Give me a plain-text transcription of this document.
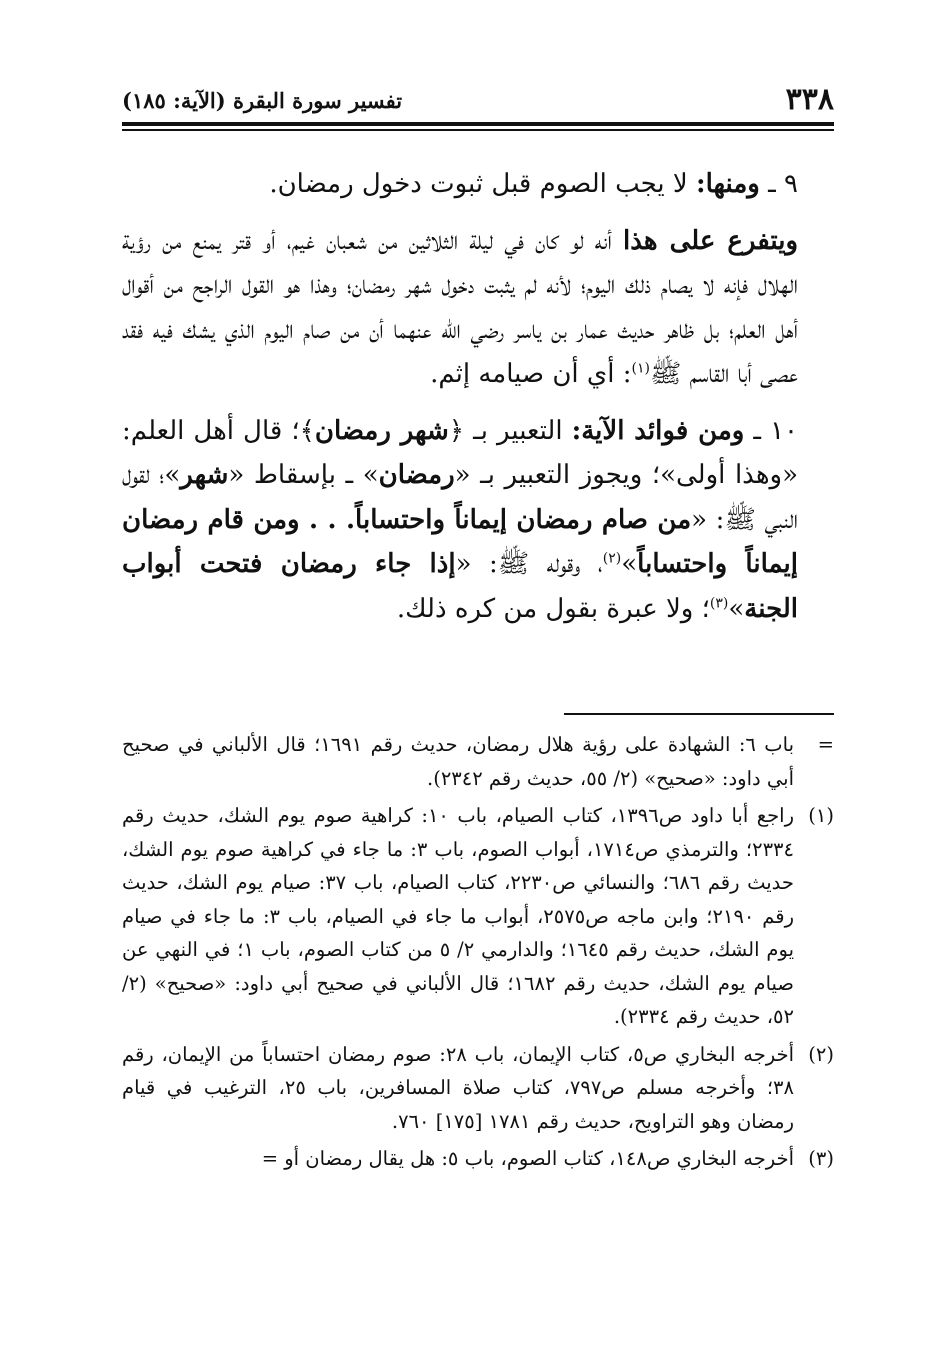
٣٣٨
تفسير سورة البقرة (الآية: ١٨٥)

٩ ـ ومنها: لا يجب الصوم قبل ثبوت دخول رمضان.

ويتفرع على هذا أنه لو كان في ليلة الثلاثين من شعبان غيم، أو قتر يمنع من رؤية الهلال فإنه لا يصام ذلك اليوم؛ لأنه لم يثبت دخول شهر رمضان؛ وهذا هو القول الراجح من أقوال أهل العلم؛ بل ظاهر حديث عمار بن ياسر رضي الله عنهما أن من صام اليوم الذي يشك فيه فقد عصى أبا القاسم ﷺ$^{(١)}$: أي أن صيامه إثم.

١٠ ـ ومن فوائد الآية: التعبير بـ ﴿شهر رمضان﴾؛ قال أهل العلم: «وهذا أولى»؛ ويجوز التعبير بـ «رمضان» ـ بإسقاط «شهر»؛ لقول النبي ﷺ: «من صام رمضان إيماناً واحتساباً. . . ومن قام رمضان إيماناً واحتساباً»$^{(٢)}$، وقوله ﷺ: «إذا جاء رمضان فتحت أبواب الجنة»$^{(٣)}$؛ ولا عبرة بقول من كره ذلك.

=
باب ٦: الشهادة على رؤية هلال رمضان، حديث رقم ١٦٩١؛ قال الألباني في صحيح أبي داود: «صحيح» (٢/ ٥٥، حديث رقم ٢٣٤٢).
(١)
راجع أبا داود ص١٣٩٦، كتاب الصيام، باب ١٠: كراهية صوم يوم الشك، حديث رقم ٢٣٣٤؛ والترمذي ص١٧١٤، أبواب الصوم، باب ٣: ما جاء في كراهية صوم يوم الشك، حديث رقم ٦٨٦؛ والنسائي ص٢٢٣٠، كتاب الصيام، باب ٣٧: صيام يوم الشك، حديث رقم ٢١٩٠؛ وابن ماجه ص٢٥٧٥، أبواب ما جاء في الصيام، باب ٣: ما جاء في صيام يوم الشك، حديث رقم ١٦٤٥؛ والدارمي ٢/ ٥ من كتاب الصوم، باب ١؛ في النهي عن صيام يوم الشك، حديث رقم ١٦٨٢؛ قال الألباني في صحيح أبي داود: «صحيح» (٢/ ٥٢، حديث رقم ٢٣٣٤).
(٢)
أخرجه البخاري ص٥، كتاب الإيمان، باب ٢٨: صوم رمضان احتساباً من الإيمان، رقم ٣٨؛ وأخرجه مسلم ص٧٩٧، كتاب صلاة المسافرين، باب ٢٥، الترغيب في قيام رمضان وهو التراويح، حديث رقم ١٧٨١ [١٧٥] ٧٦٠.
(٣)
أخرجه البخاري ص١٤٨، كتاب الصوم، باب ٥: هل يقال رمضان أو =
